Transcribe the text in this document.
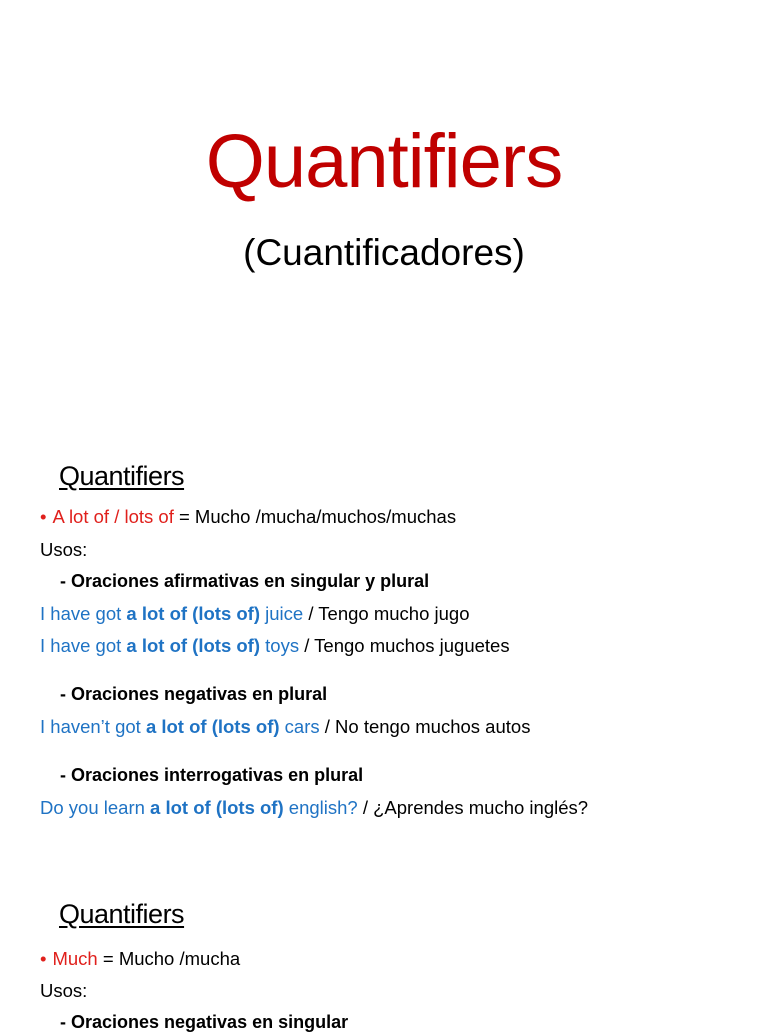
Quantifiers
(Cuantificadores)
Quantifiers
• A lot of / lots of = Mucho /mucha/muchos/muchas
Usos:
- Oraciones afirmativas en singular y plural
I have got a lot of (lots of) juice / Tengo mucho jugo
I have got a lot of (lots of) toys / Tengo muchos juguetes
- Oraciones negativas en plural
I haven’t got a lot of (lots of) cars / No tengo muchos autos
- Oraciones interrogativas en plural
Do you learn a lot of (lots of) english? / ¿Aprendes mucho inglés?
Quantifiers
• Much = Mucho /mucha
Usos:
- Oraciones negativas en singular
